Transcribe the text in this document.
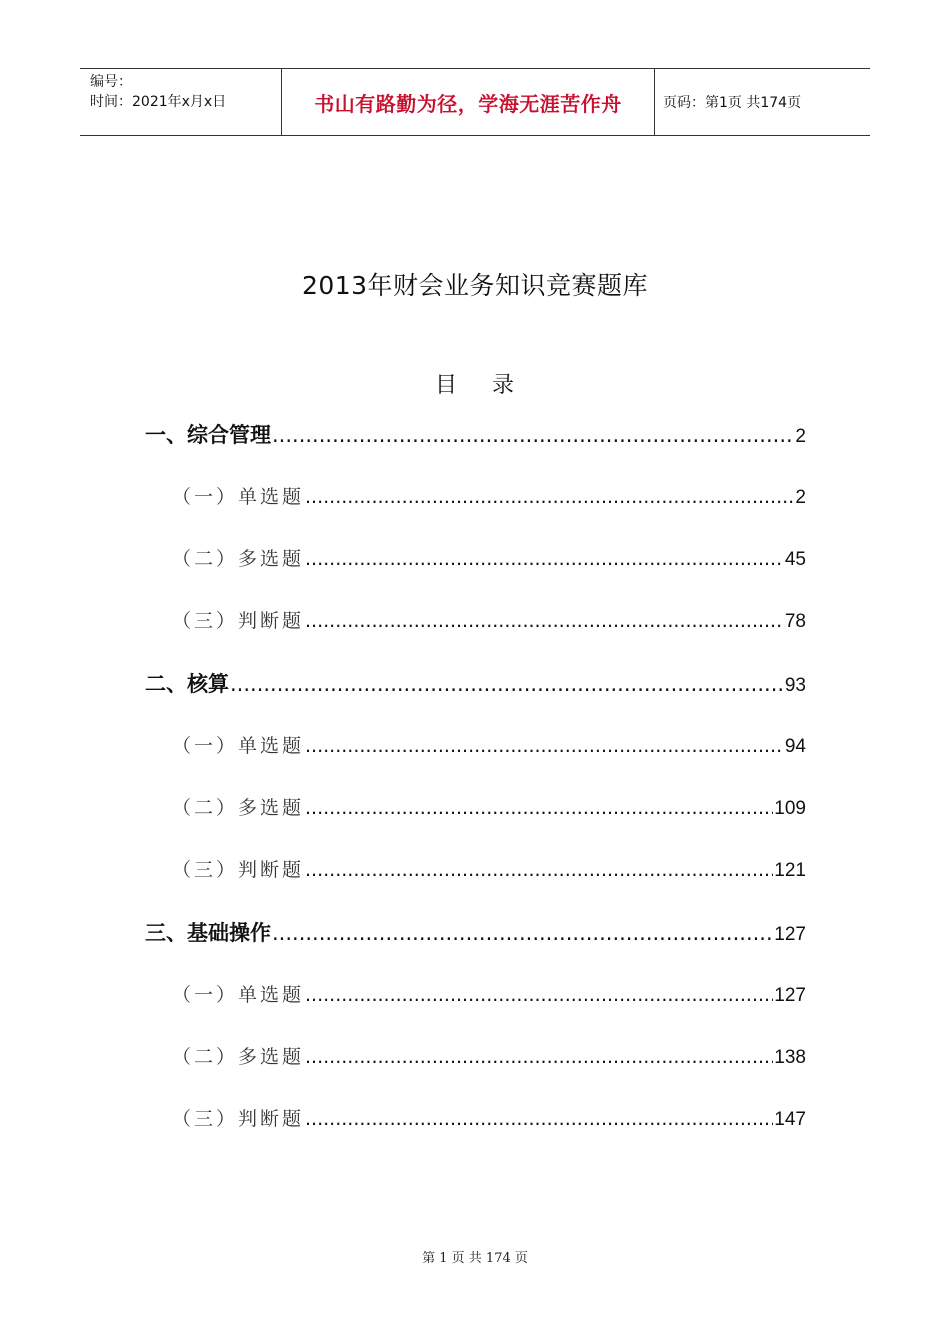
编号：
时间：2021年x月x日	书山有路勤为径，学海无涯苦作舟	页码：第1页 共174页
2013年财会业务知识竞赛题库
目 录
一、综合管理 .....	2
（一）单选题 .....	2
（二）多选题 .....	45
（三）判断题 .....	78
二、核算 .....	93
（一）单选题 .....	94
（二）多选题 .....	109
（三）判断题 .....	121
三、基础操作 .....	127
（一）单选题 .....	127
（二）多选题 .....	138
（三）判断题 .....	147
第 1 页 共 174 页
